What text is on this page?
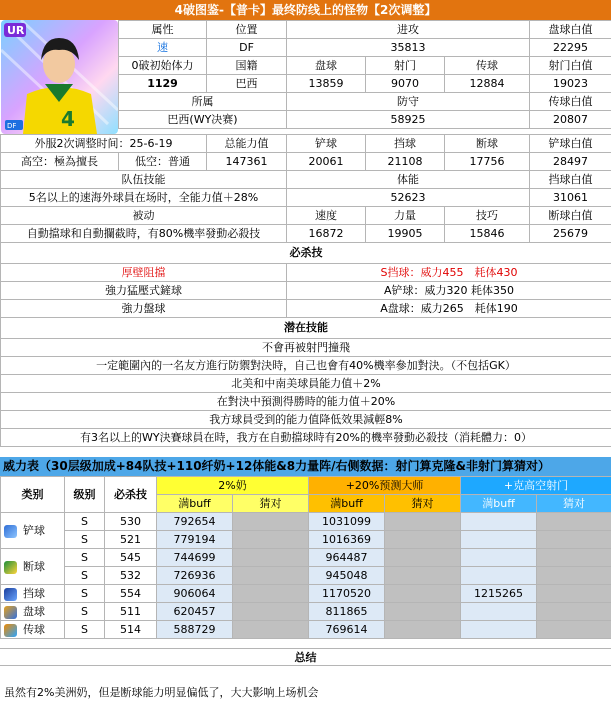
4破图鉴-【普卡】最终防线上的怪物【2次调整】
4
UR
DF
属性	位置	进攻			盘球白值
速	DF	35813			22295
0破初始体力	国籍	盘球	射门	传球	射门白值
1129	巴西	13859	9070	12884	19023
所属		防守			传球白值
巴西(WY决赛)		58925			20807
外服2次调整时间：25-6-19		总能力值	铲球	挡球	断球	铲球白值
高空：極為擅長	低空：普通	147361	20061	21108	17756	28497
队伍技能			体能			挡球白值
5名以上的速海外球員在场时，全能力值＋28%			52623			31061
被动			速度	力量	技巧	断球白值
自動擋球和自動攔截時，有80%機率發動必殺技			16872	19905	15846	25679
必杀技						
厚壁阻擋			S挡球：威力455　耗体430			
強力猛壓式鏟球			A铲球：威力320 耗体350			
強力盤球			A盘球：威力265　耗体190			
潜在技能						
不會再被射門撞飛						
一定範圍內的一名友方進行防禦對決時，自己也會有40%機率參加對決。（不包括GK）						
北美和中南美球員能力值＋2%						
在對決中預測得勝時的能力值＋20%						
我方球員受到的能力值降低效果減輕8%						
有3名以上的WY決賽球員在時，我方在自動擋球時有20%的機率發動必殺技（消耗體力：0）						
威力表（30层级加成+84队技+110纤奶+12体能&8力量阵/右侧数据：射门算克隆&非射门算猜对）
类别	级别	必杀技	2%奶		+20%预测大师		+克高空射门	
			满buff	猜对	满buff	猜对	满buff	猜对
铲球	S	530	792654		1031099			
	S	521	779194		1016369			
断球	S	545	744699		964487			
	S	532	726936		945048			
挡球	S	554	906064		1170520		1215265	
盘球	S	511	620457		811865			
传球	S	514	588729		769614			
总结
虽然有2%美洲奶，但是断球能力明显偏低了，大大影响上场机会
